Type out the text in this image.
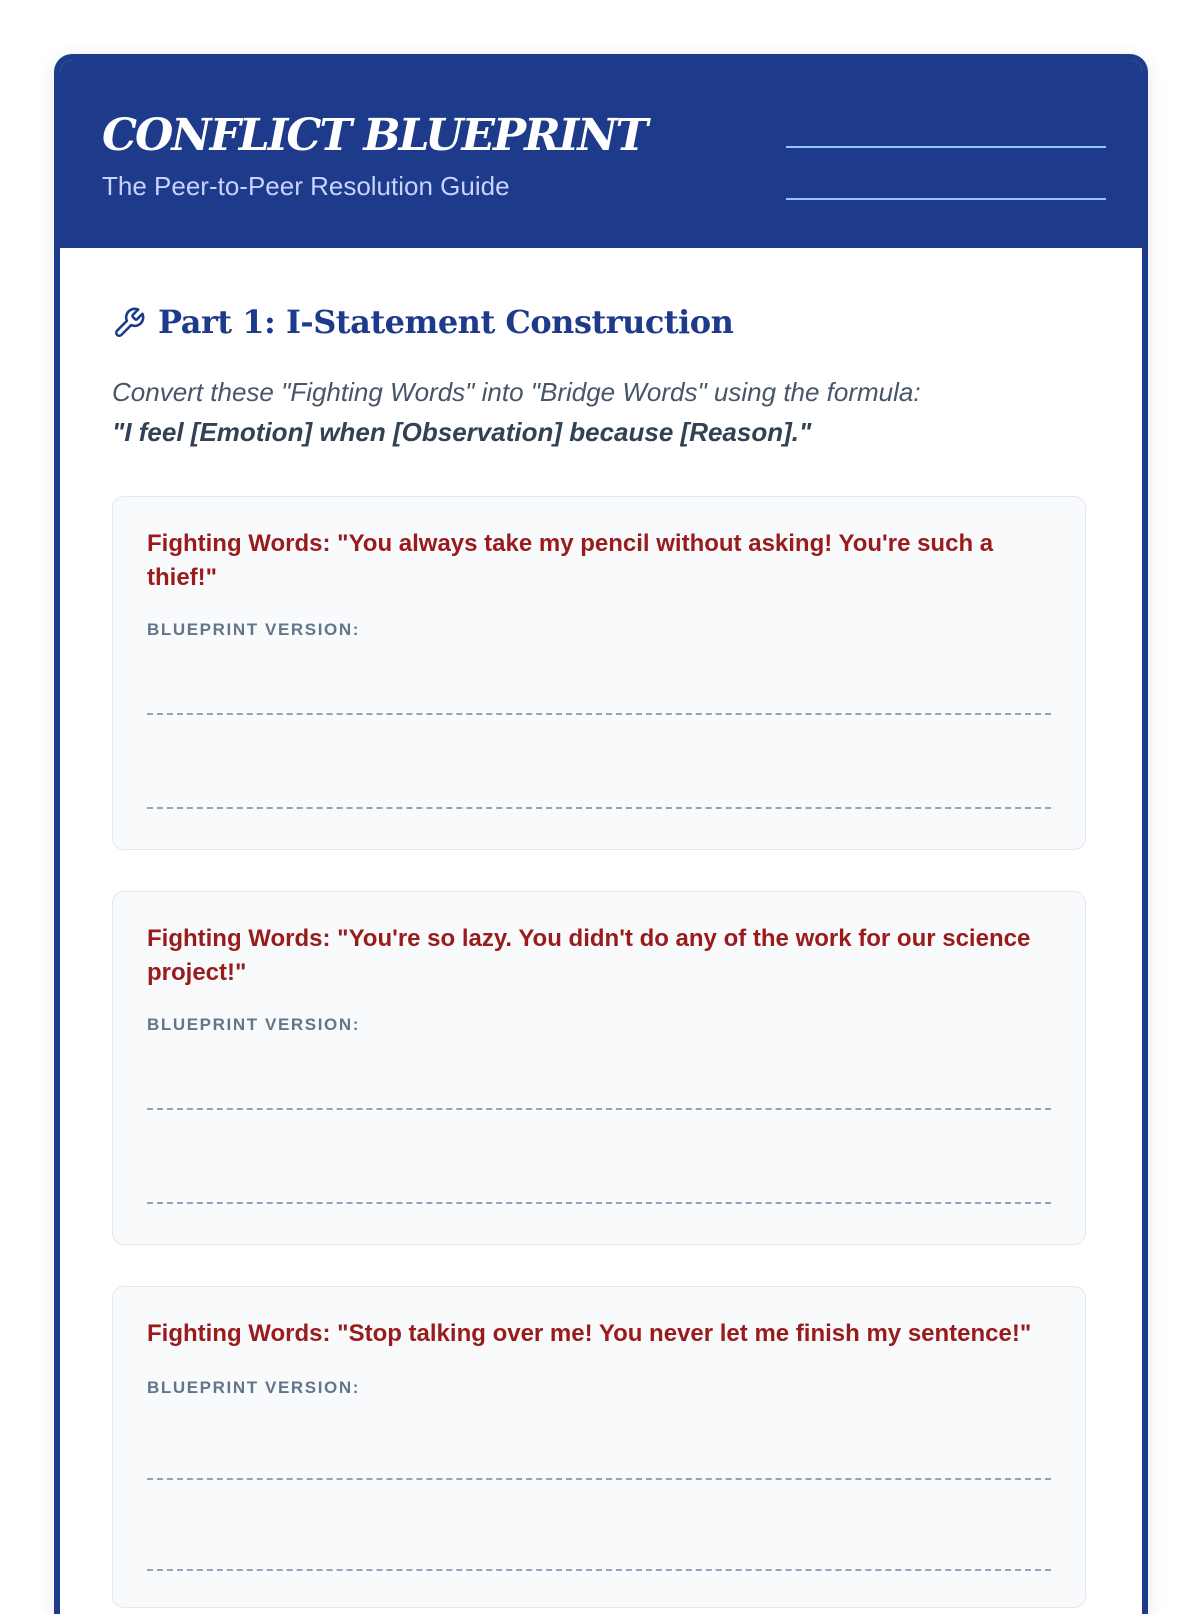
CONFLICT BLUEPRINT
The Peer-to-Peer Resolution Guide
Part 1: I-Statement Construction
Convert these "Fighting Words" into "Bridge Words" using the formula:
"I feel [Emotion] when [Observation] because [Reason]."
Fighting Words: "You always take my pencil without asking! You're such a thief!"
BLUEPRINT VERSION:
Fighting Words: "You're so lazy. You didn't do any of the work for our science project!"
BLUEPRINT VERSION:
Fighting Words: "Stop talking over me! You never let me finish my sentence!"
BLUEPRINT VERSION:
